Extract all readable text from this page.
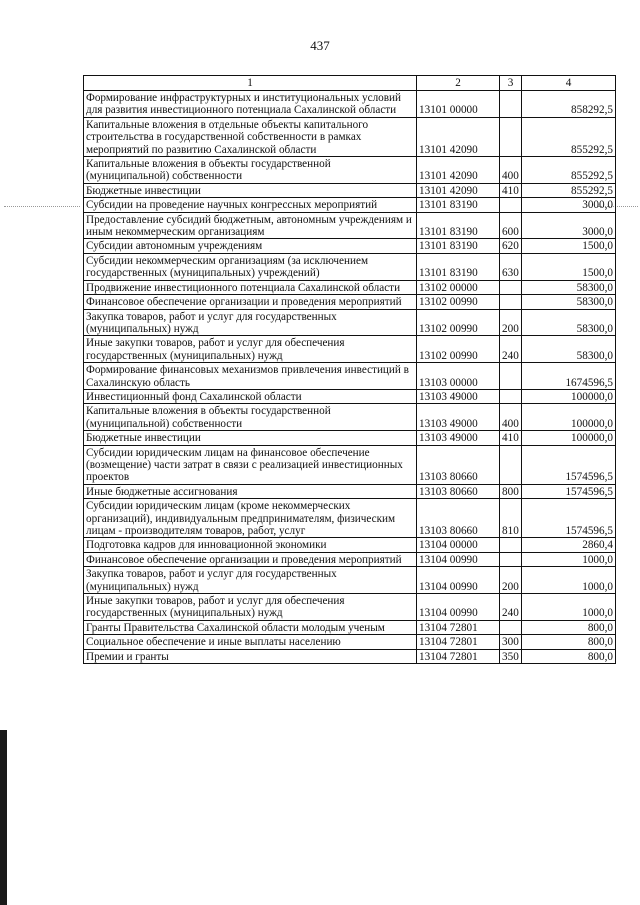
437
1	2	3	4
Формирование инфраструктурных и институциональных условий для развития инвестиционного потенциала Сахалинской области	13101 00000		858292,5
Капитальные вложения в отдельные объекты капитального строительства в государственной собственности в рамках мероприятий по развитию Сахалинской области	13101 42090		855292,5
Капитальные вложения в объекты государственной (муниципальной) собственности	13101 42090	400	855292,5
Бюджетные инвестиции	13101 42090	410	855292,5
Субсидии на проведение научных конгрессных мероприятий	13101 83190		3000,0
Предоставление субсидий бюджетным, автономным учреждениям и иным некоммерческим организациям	13101 83190	600	3000,0
Субсидии автономным учреждениям	13101 83190	620	1500,0
Субсидии некоммерческим организациям (за исключением государственных (муниципальных) учреждений)	13101 83190	630	1500,0
Продвижение инвестиционного потенциала Сахалинской области	13102 00000		58300,0
Финансовое обеспечение организации и проведения мероприятий	13102 00990		58300,0
Закупка товаров, работ и услуг для государственных (муниципальных) нужд	13102 00990	200	58300,0
Иные закупки товаров, работ и услуг для обеспечения государственных (муниципальных) нужд	13102 00990	240	58300,0
Формирование финансовых механизмов привлечения инвестиций в Сахалинскую область	13103 00000		1674596,5
Инвестиционный фонд Сахалинской области	13103 49000		100000,0
Капитальные вложения в объекты государственной (муниципальной) собственности	13103 49000	400	100000,0
Бюджетные инвестиции	13103 49000	410	100000,0
Субсидии юридическим лицам на финансовое обеспечение (возмещение) части затрат в связи с реализацией инвестиционных проектов	13103 80660		1574596,5
Иные бюджетные ассигнования	13103 80660	800	1574596,5
Субсидии юридическим лицам (кроме некоммерческих организаций), индивидуальным предпринимателям, физическим лицам - производителям товаров, работ, услуг	13103 80660	810	1574596,5
Подготовка кадров для инновационной экономики	13104 00000		2860,4
Финансовое обеспечение организации и проведения мероприятий	13104 00990		1000,0
Закупка товаров, работ и услуг для государственных (муниципальных) нужд	13104 00990	200	1000,0
Иные закупки товаров, работ и услуг для обеспечения государственных (муниципальных) нужд	13104 00990	240	1000,0
Гранты Правительства Сахалинской области молодым ученым	13104 72801		800,0
Социальное обеспечение и иные выплаты населению	13104 72801	300	800,0
Премии и гранты	13104 72801	350	800,0
